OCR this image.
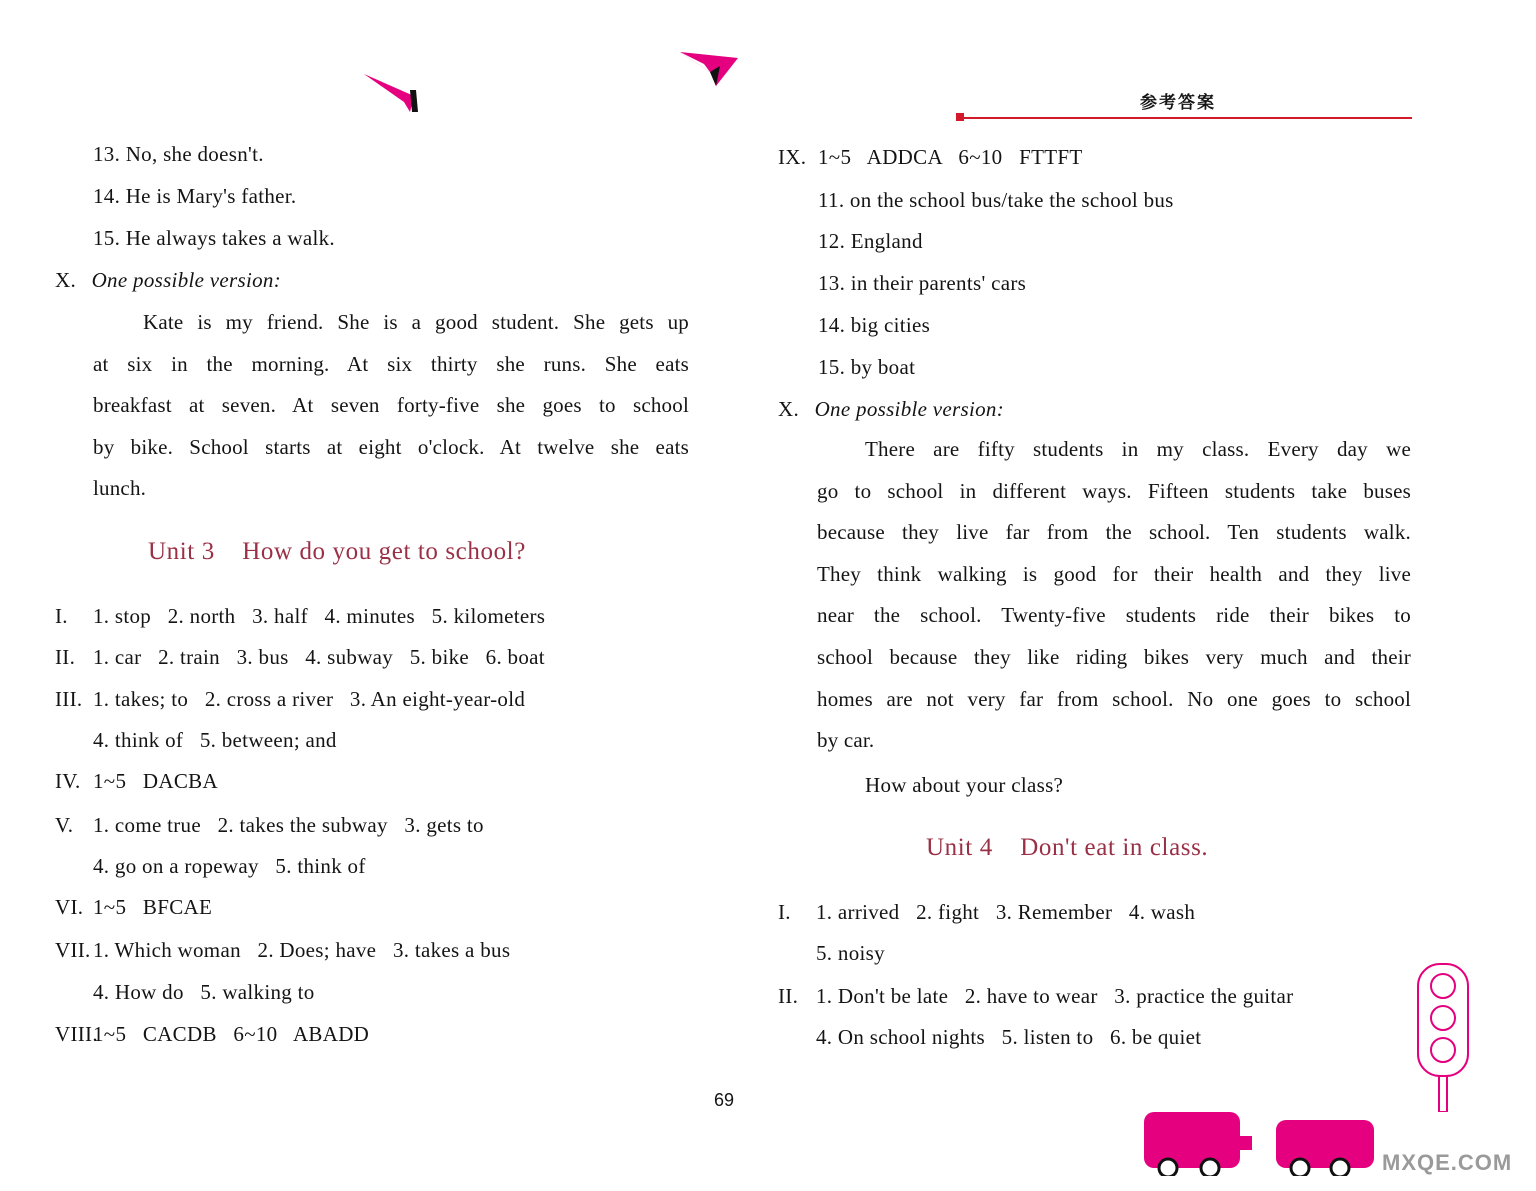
参考答案
13. No, she doesn't.
14. He is Mary's father.
15. He always takes a walk.
X. One possible version:
Kate is my friend. She is a good student. She gets up
at six in the morning. At six thirty she runs. She eats
breakfast at seven. At seven forty-five she goes to school
by bike. School starts at eight o'clock. At twelve she eats
lunch.
Unit 3    How do you get to school?
I. 1. stop   2. north   3. half   4. minutes   5. kilometers
II. 1. car   2. train   3. bus   4. subway   5. bike   6. boat
III. 1. takes; to   2. cross a river   3. An eight-year-old
4. think of   5. between; and
IV. 1~5   DACBA
V. 1. come true   2. takes the subway   3. gets to
4. go on a ropeway   5. think of
VI. 1~5   BFCAE
VII. 1. Which woman   2. Does; have   3. takes a bus
4. How do   5. walking to
VIII.1~5   CACDB   6~10   ABADD
IX. 1~5   ADDCA   6~10   FTTFT
11. on the school bus/take the school bus
12. England
13. in their parents' cars
14. big cities
15. by boat
X. One possible version:
There are fifty students in my class. Every day we
go to school in different ways. Fifteen students take buses
because they live far from the school. Ten students walk.
They think walking is good for their health and they live
near the school. Twenty-five students ride their bikes to
school because they like riding bikes very much and their
homes are not very far from school. No one goes to school
by car.
How about your class?
Unit 4    Don't eat in class.
I. 1. arrived   2. fight   3. Remember   4. wash
5. noisy
II. 1. Don't be late   2. have to wear   3. practice the guitar
4. On school nights   5. listen to   6. be quiet
69
MXQE.COM
